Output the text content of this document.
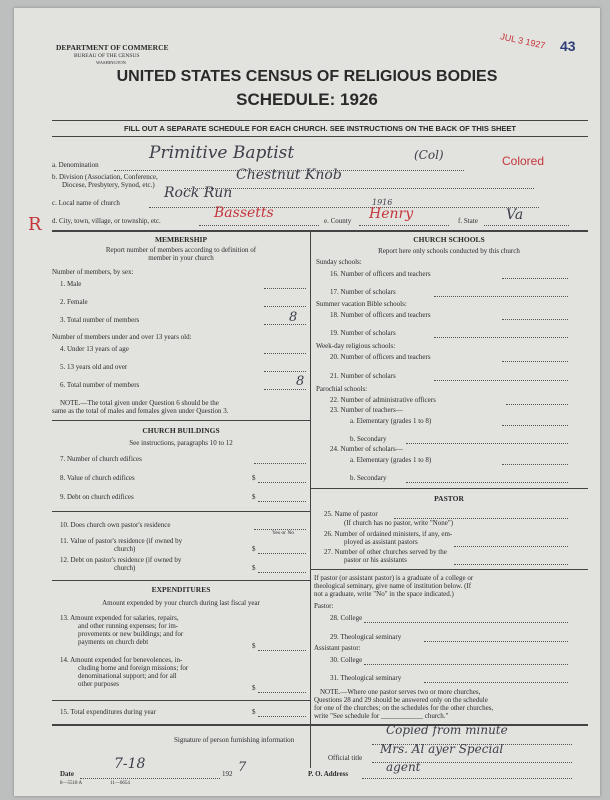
DEPARTMENT OF COMMERCE
BUREAU OF THE CENSUS
WASHINGTON
UNITED STATES CENSUS OF RELIGIOUS BODIES
SCHEDULE: 1926
JUL 3 1927 43
FILL OUT A SEPARATE SCHEDULE FOR EACH CHURCH. SEE INSTRUCTIONS ON THE BACK OF THIS SHEET
a. Denomination
Primitive Baptist	(Col)	Colored
b. Division (Association, Conference,
Diocese, Presbytery, Synod, etc.)
Chestnut Knob
c. Local name of church
Rock Run
R d. City, town, village, or township, etc.	Bassetts	e. County Henry
1916
f. State Va
MEMBERSHIP
Report number of members according to definition of
member in your church
Number of members, by sex:
1. Male
2. Female
3. Total number of members	8
Number of members under and over 13 years old:
4. Under 13 years of age
5. 13 years old and over
6. Total number of members	8
NOTE.—The total given under Question 6 should be the
same as the total of males and females given under Question 3.
CHURCH BUILDINGS
See instructions, paragraphs 10 to 12
7. Number of church edifices
8. Value of church edifices	$
9. Debt on church edifices	$
10. Does church own pastor's residence
Yes or No
11. Value of pastor's residence (if owned by
church)	$
12. Debt on pastor's residence (if owned by
church)	$
EXPENDITURES
Amount expended by your church during last fiscal year
13. Amount expended for salaries, repairs,
and other running expenses; for im-
provements or new buildings; and for
payments on church debt	$
14. Amount expended for benevolences, in-
cluding home and foreign missions; for
denominational support; and for all
other purposes	$
15. Total expenditures during year	$
CHURCH SCHOOLS
Report here only schools conducted by this church
Sunday schools:
16. Number of officers and teachers
17. Number of scholars
Summer vacation Bible schools:
18. Number of officers and teachers
19. Number of scholars
Week-day religious schools:
20. Number of officers and teachers
21. Number of scholars
Parochial schools:
22. Number of administrative officers
23. Number of teachers—
a. Elementary (grades 1 to 8)
b. Secondary
24. Number of scholars—
a. Elementary (grades 1 to 8)
b. Secondary
PASTOR
25. Name of pastor
(If church has no pastor, write "None")
26. Number of ordained ministers, if any, em-
ployed as assistant pastors
27. Number of other churches served by the
pastor or his assistants
If pastor (or assistant pastor) is a graduate of a college or
theological seminary, give name of institution below. (If
not a graduate, write "No" in the space indicated.)
Pastor:
28. College
29. Theological seminary
Assistant pastor:
30. College
31. Theological seminary
NOTE.—Where one pastor serves two or more churches,
Questions 28 and 29 should be answered only on the schedule
for one of the churches; on the schedules for the other churches,
write "See schedule for ____________ church."
Signature of person furnishing information
Copied from minute
Official title
Mrs. Al ayer Special
Date
7-18
192 7	P. O. Address	agent
8—5518 A	11—6654
